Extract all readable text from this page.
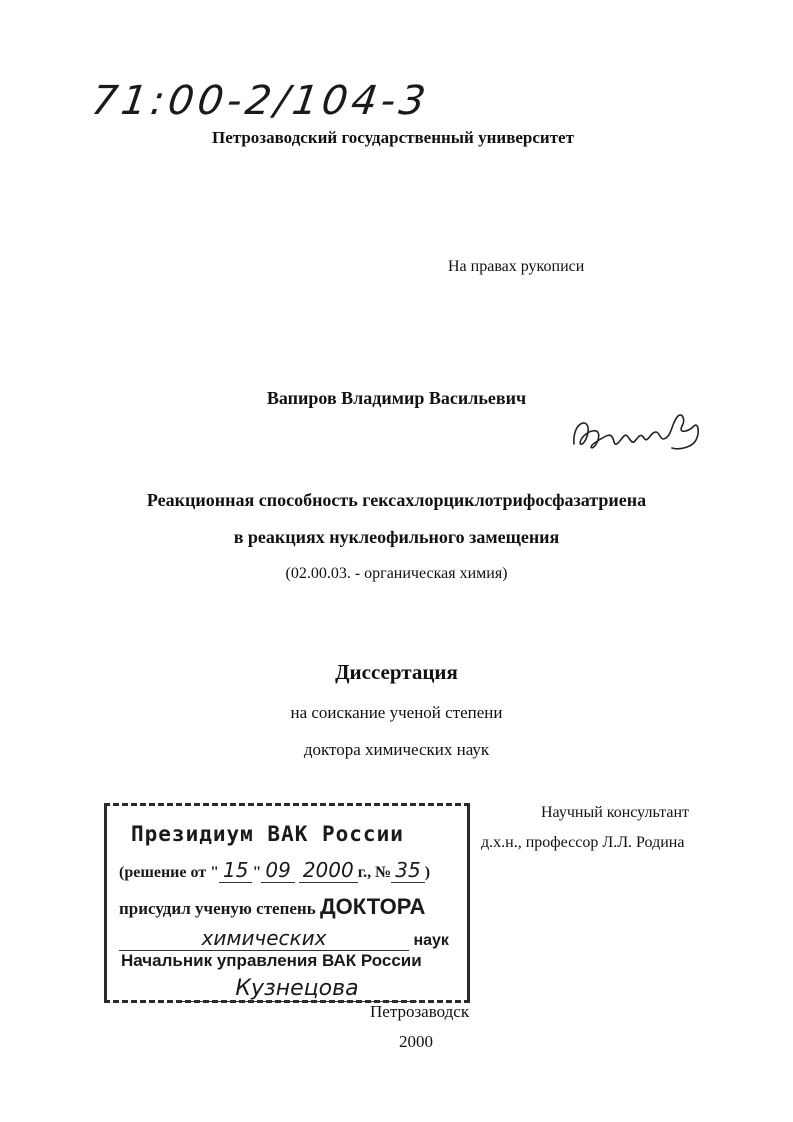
71:00-2/104-3
Петрозаводский государственный университет
На правах рукописи
Вапиров Владимир Васильевич	ВВапиров
Реакционная способность гексахлорциклотрифосфазатриена
в реакциях нуклеофильного замещения
(02.00.03. - органическая химия)
Диссертация
на соискание ученой степени
доктора химических наук
Научный консультант
д.х.н., профессор Л.Л. Родина
Президиум ВАК России
(решение от " 15 " 09 2000 г., № 35 )
присудил ученую степень ДОКТОРА
химических	наук
Начальник управления ВАК России
Кузнецова
Петрозаводск
2000
